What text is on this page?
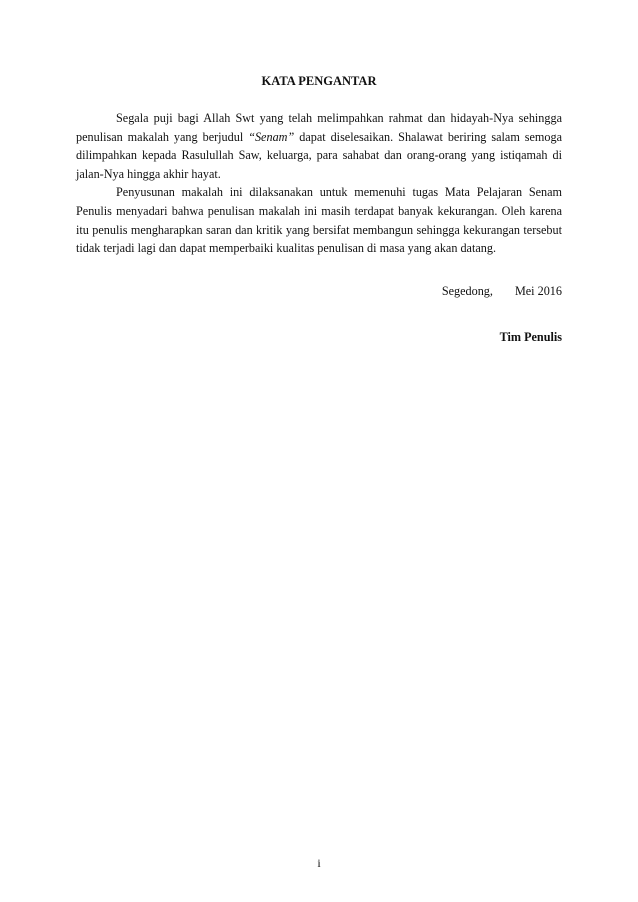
KATA PENGANTAR

Segala puji bagi Allah Swt yang telah melimpahkan rahmat dan hidayah-Nya sehingga penulisan makalah yang berjudul “Senam” dapat diselesaikan. Shalawat beriring salam semoga dilimpahkan kepada Rasulullah Saw, keluarga, para sahabat dan orang-orang yang istiqamah di jalan-Nya hingga akhir hayat.

Penyusunan makalah ini dilaksanakan untuk memenuhi tugas Mata Pelajaran Senam Penulis menyadari bahwa penulisan makalah ini masih terdapat banyak kekurangan. Oleh karena itu penulis mengharapkan saran dan kritik yang bersifat membangun sehingga kekurangan tersebut tidak terjadi lagi dan dapat memperbaiki kualitas penulisan di masa yang akan datang.

Segedong, Mei 2016
Tim Penulis
i
